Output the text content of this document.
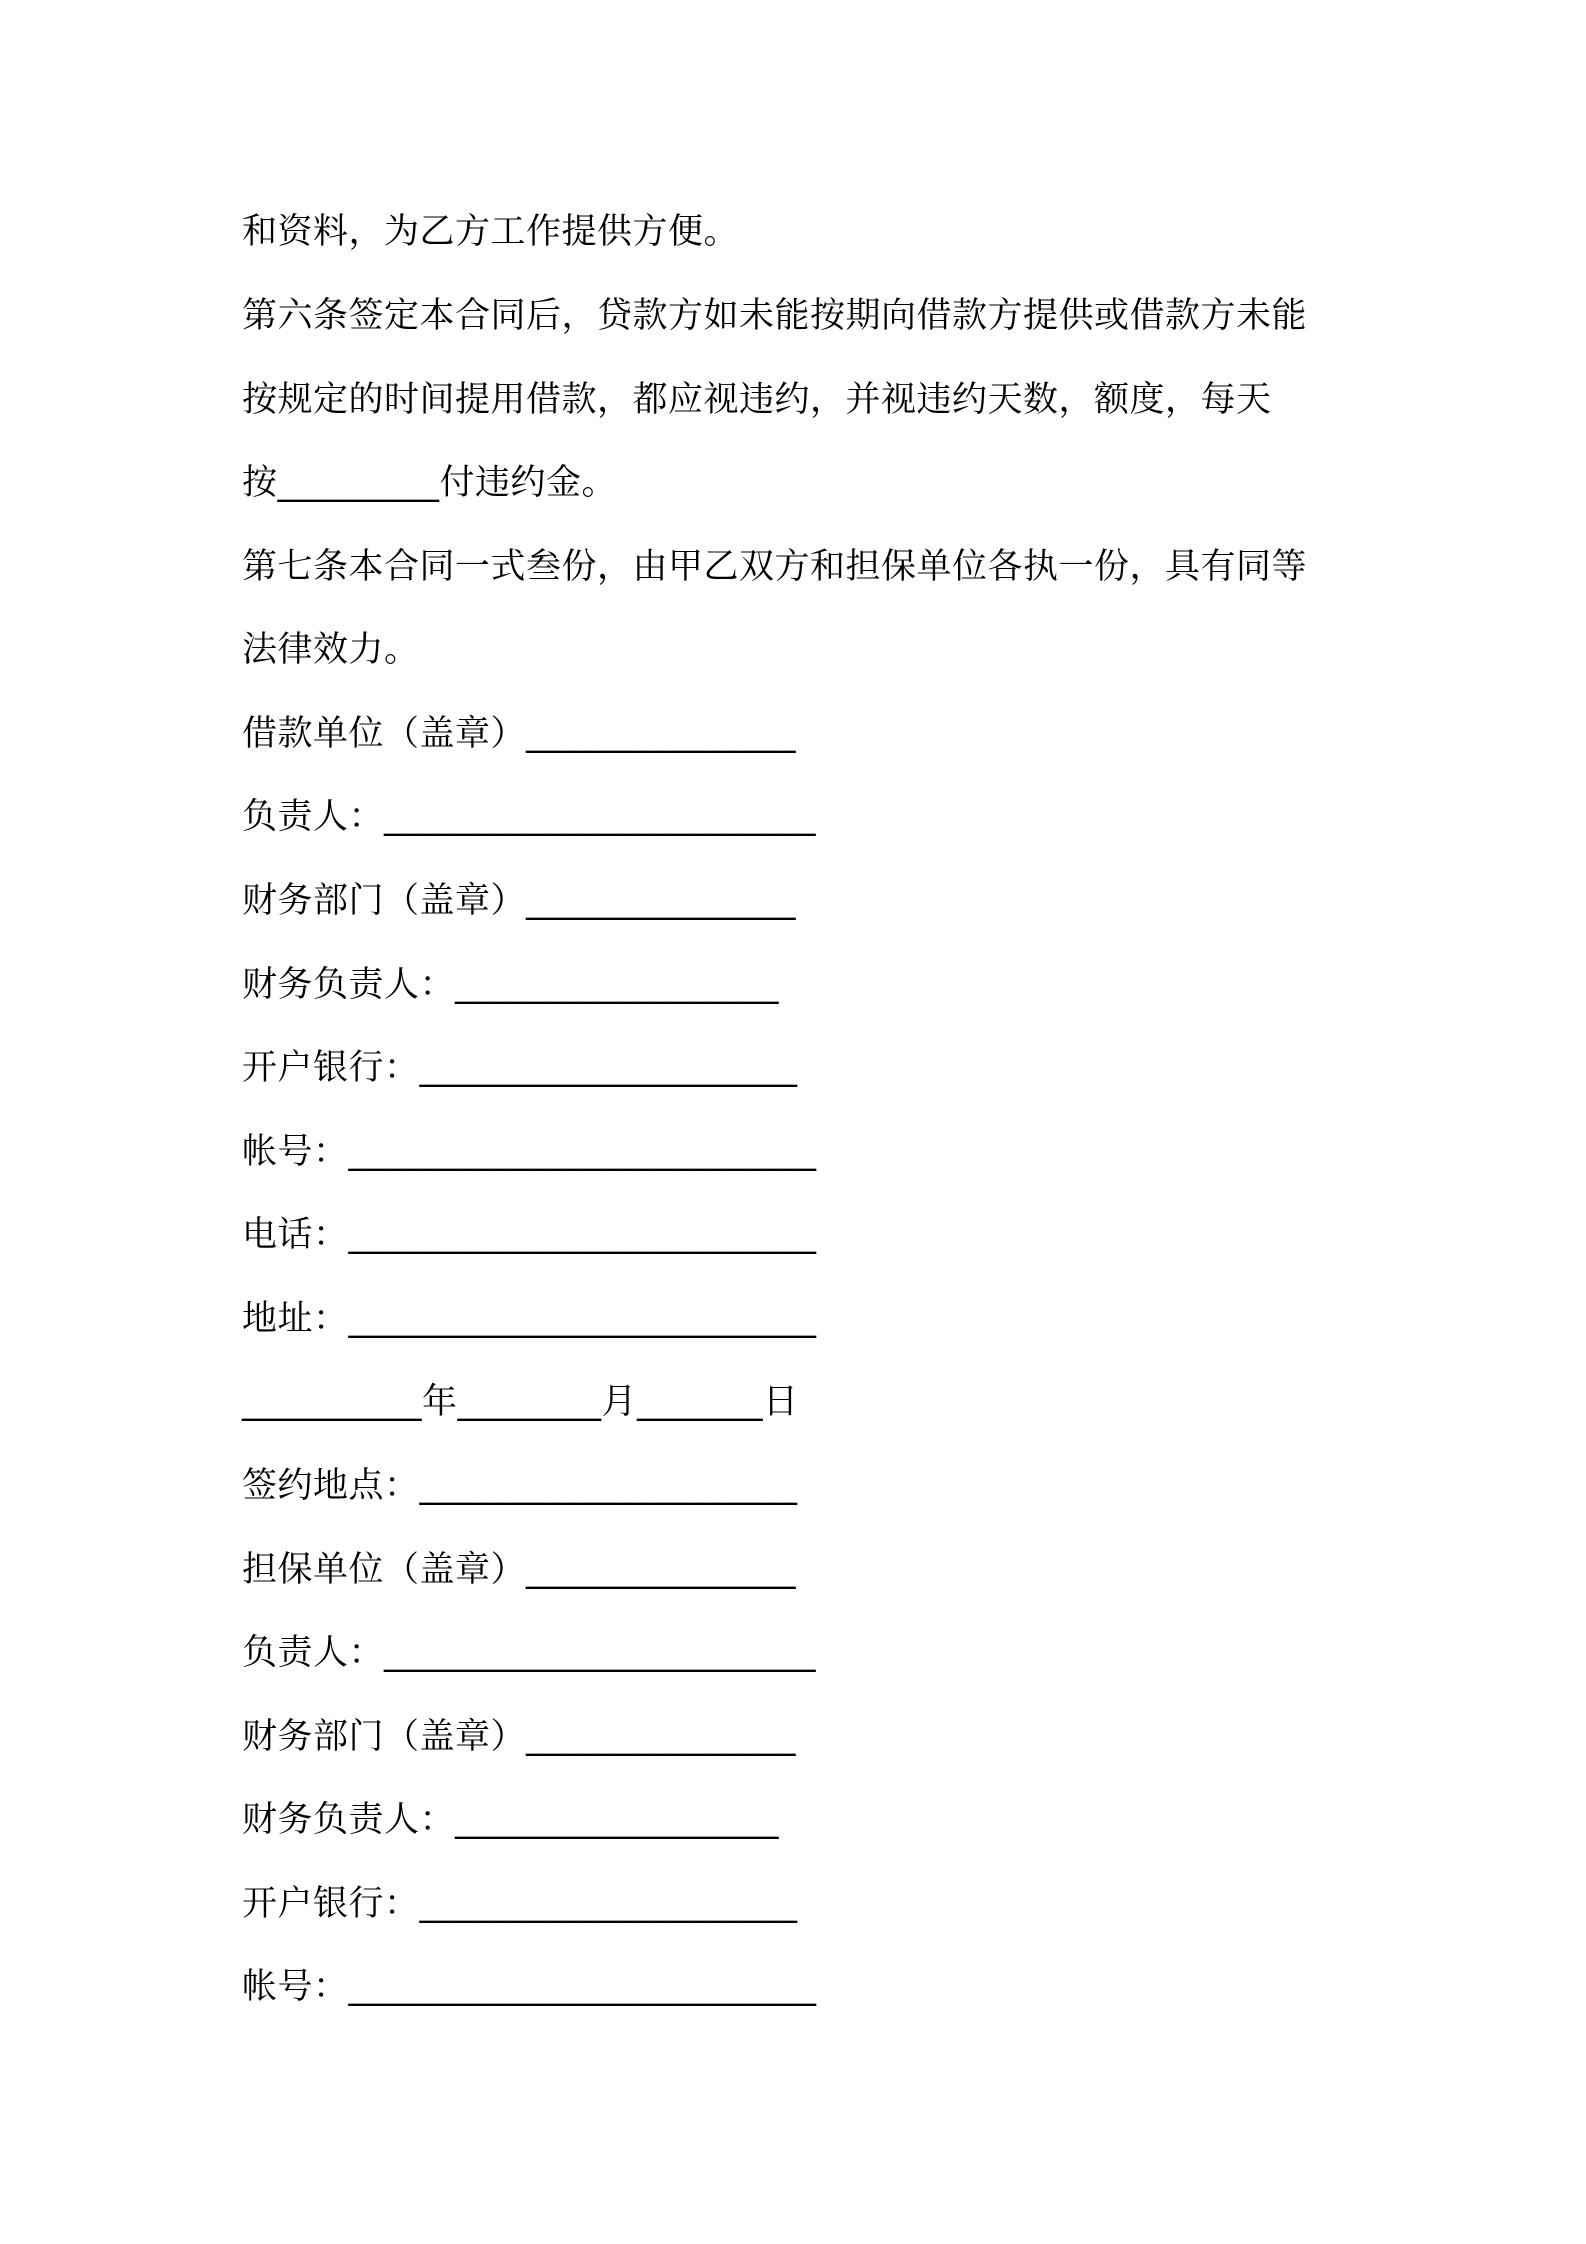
和资料，为乙方工作提供方便。
第六条签定本合同后，贷款方如未能按期向借款方提供或借款方未能
按规定的时间提用借款，都应视违约，并视违约天数，额度，每天
按_________付违约金。
第七条本合同一式叁份，由甲乙双方和担保单位各执一份，具有同等
法律效力。
借款单位（盖章）_______________
负责人：________________________
财务部门（盖章）_______________
财务负责人：__________________
开户银行：_____________________
帐号：__________________________
电话：__________________________
地址：__________________________
__________年________月_______日
签约地点：_____________________
担保单位（盖章）_______________
负责人：________________________
财务部门（盖章）_______________
财务负责人：__________________
开户银行：_____________________
帐号：__________________________
